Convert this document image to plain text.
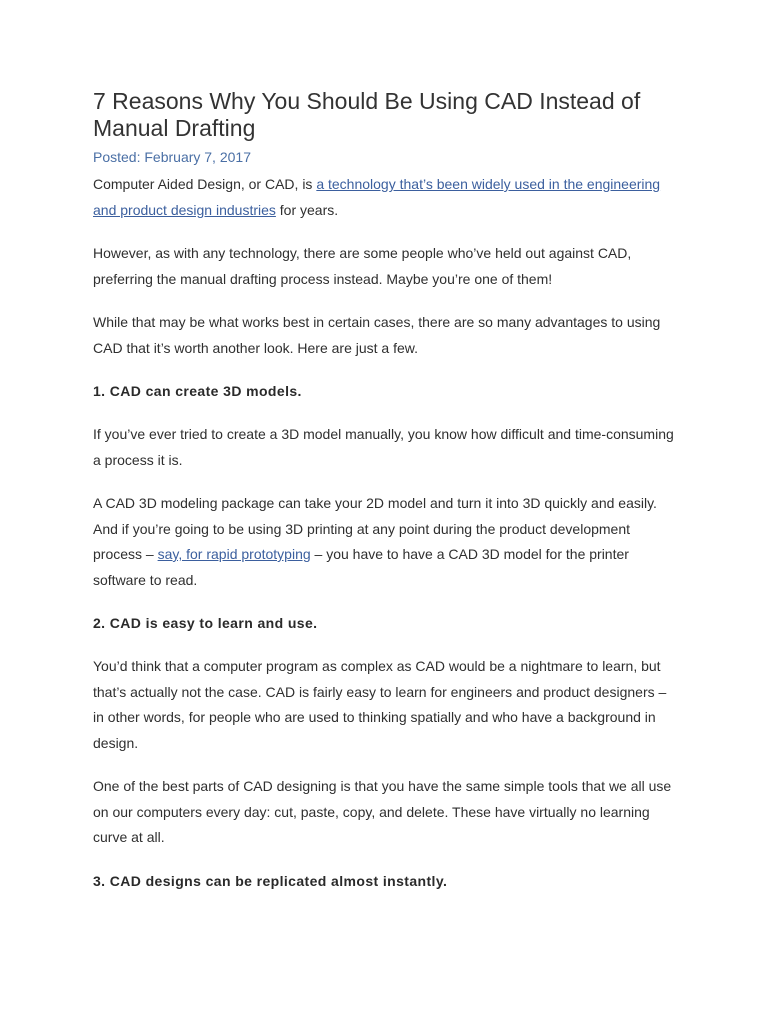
7 Reasons Why You Should Be Using CAD Instead of Manual Drafting
Posted: February 7, 2017

Computer Aided Design, or CAD, is a technology that’s been widely used in the engineering and product design industries for years.

However, as with any technology, there are some people who’ve held out against CAD, preferring the manual drafting process instead. Maybe you’re one of them!

While that may be what works best in certain cases, there are so many advantages to using CAD that it’s worth another look. Here are just a few.

1. CAD can create 3D models.

If you’ve ever tried to create a 3D model manually, you know how difficult and time-consuming a process it is.

A CAD 3D modeling package can take your 2D model and turn it into 3D quickly and easily. And if you’re going to be using 3D printing at any point during the product development process – say, for rapid prototyping – you have to have a CAD 3D model for the printer software to read.

2. CAD is easy to learn and use.

You’d think that a computer program as complex as CAD would be a nightmare to learn, but that’s actually not the case. CAD is fairly easy to learn for engineers and product designers – in other words, for people who are used to thinking spatially and who have a background in design.

One of the best parts of CAD designing is that you have the same simple tools that we all use on our computers every day: cut, paste, copy, and delete. These have virtually no learning curve at all.

3. CAD designs can be replicated almost instantly.
